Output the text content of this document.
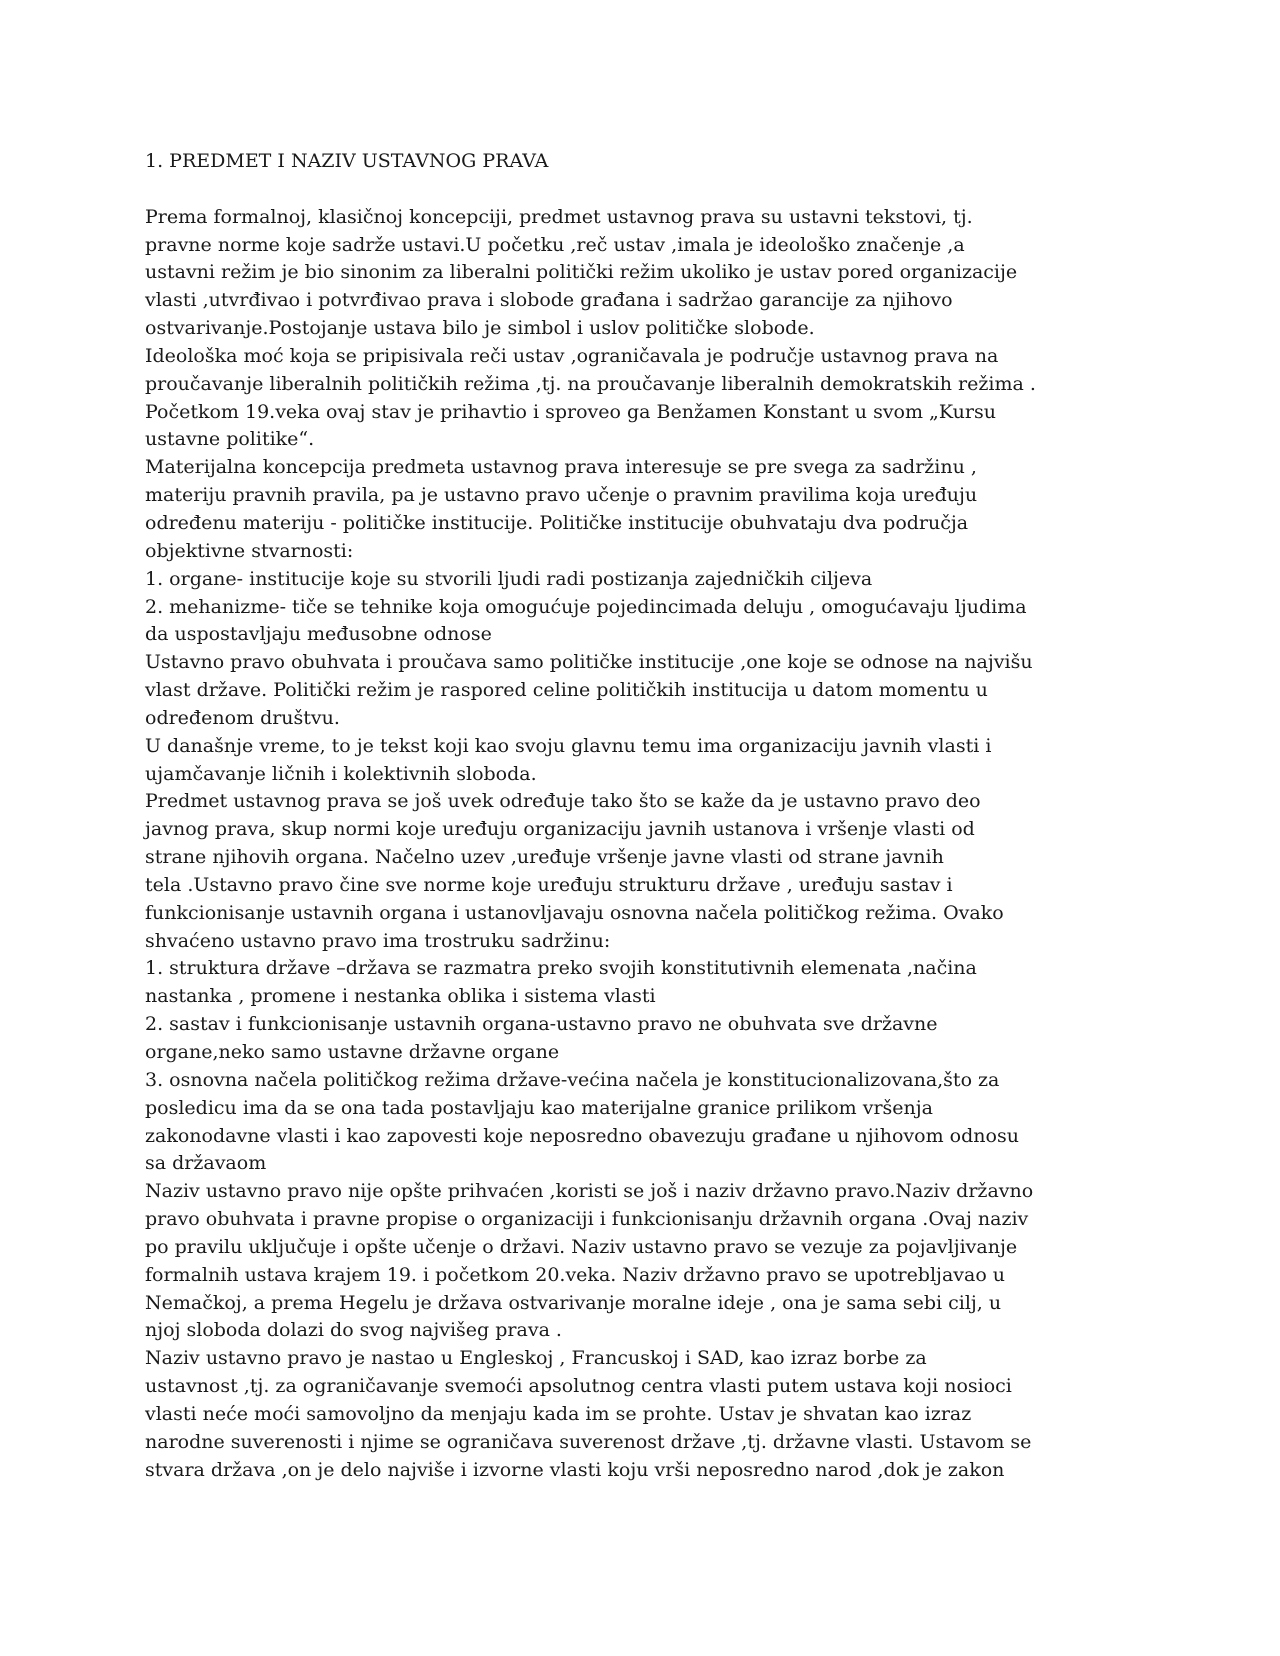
1. PREDMET I NAZIV USTAVNOG PRAVA

Prema formalnoj, klasičnoj koncepciji, predmet ustavnog prava su ustavni tekstovi, tj.

pravne norme koje sadrže ustavi.U početku ,reč ustav ,imala je ideološko značenje ,a

ustavni režim je bio sinonim za liberalni politički režim ukoliko je ustav pored organizacije

vlasti ,utvrđivao i potvrđivao prava i slobode građana i sadržao garancije za njihovo

ostvarivanje.Postojanje ustava bilo je simbol i uslov političke slobode.

Ideološka moć koja se pripisivala reči ustav ,ograničavala je područje ustavnog prava na

proučavanje liberalnih političkih režima ,tj. na proučavanje liberalnih demokratskih režima .

Početkom 19.veka ovaj stav je prihavtio i sproveo ga Benžamen Konstant u svom „Kursu

ustavne politike“.

Materijalna koncepcija predmeta ustavnog prava interesuje se pre svega za sadržinu ,

materiju pravnih pravila, pa je ustavno pravo učenje o pravnim pravilima koja uređuju

određenu materiju - političke institucije. Političke institucije obuhvataju dva područja

objektivne stvarnosti:

1. organe- institucije koje su stvorili ljudi radi postizanja zajedničkih ciljeva

2. mehanizme- tiče se tehnike koja omogućuje pojedincimada deluju , omogućavaju ljudima

da uspostavljaju međusobne odnose

Ustavno pravo obuhvata i proučava samo političke institucije ,one koje se odnose na najvišu

vlast države. Politički režim je raspored celine političkih institucija u datom momentu u

određenom društvu.

U današnje vreme, to je tekst koji kao svoju glavnu temu ima organizaciju javnih vlasti i

ujamčavanje ličnih i kolektivnih sloboda.

Predmet ustavnog prava se još uvek određuje tako što se kaže da je ustavno pravo deo

javnog prava, skup normi koje uređuju organizaciju javnih ustanova i vršenje vlasti od

strane njihovih organa. Načelno uzev ,uređuje vršenje javne vlasti od strane javnih

tela .Ustavno pravo čine sve norme koje uređuju strukturu države , uređuju sastav i

funkcionisanje ustavnih organa i ustanovljavaju osnovna načela političkog režima. Ovako

shvaćeno ustavno pravo ima trostruku sadržinu:

1. struktura države –država se razmatra preko svojih konstitutivnih elemenata ,načina

nastanka , promene i nestanka oblika i sistema vlasti

2. sastav i funkcionisanje ustavnih organa-ustavno pravo ne obuhvata sve državne

organe,neko samo ustavne državne organe

3. osnovna načela političkog režima države-većina načela je konstitucionalizovana,što za

posledicu ima da se ona tada postavljaju kao materijalne granice prilikom vršenja

zakonodavne vlasti i kao zapovesti koje neposredno obavezuju građane u njihovom odnosu

sa državaom

Naziv ustavno pravo nije opšte prihvaćen ,koristi se još i naziv državno pravo.Naziv državno

pravo obuhvata i pravne propise o organizaciji i funkcionisanju državnih organa .Ovaj naziv

po pravilu uključuje i opšte učenje o državi. Naziv ustavno pravo se vezuje za pojavljivanje

formalnih ustava krajem 19. i početkom 20.veka. Naziv državno pravo se upotrebljavao u

Nemačkoj, a prema Hegelu je država ostvarivanje moralne ideje , ona je sama sebi cilj, u

njoj sloboda dolazi do svog najvišeg prava .

Naziv ustavno pravo je nastao u Engleskoj , Francuskoj i SAD, kao izraz borbe za

ustavnost ,tj. za ograničavanje svemoći apsolutnog centra vlasti putem ustava koji nosioci

vlasti neće moći samovoljno da menjaju kada im se prohte. Ustav je shvatan kao izraz

narodne suverenosti i njime se ograničava suverenost države ,tj. državne vlasti. Ustavom se

stvara država ,on je delo najviše i izvorne vlasti koju vrši neposredno narod ,dok je zakon
